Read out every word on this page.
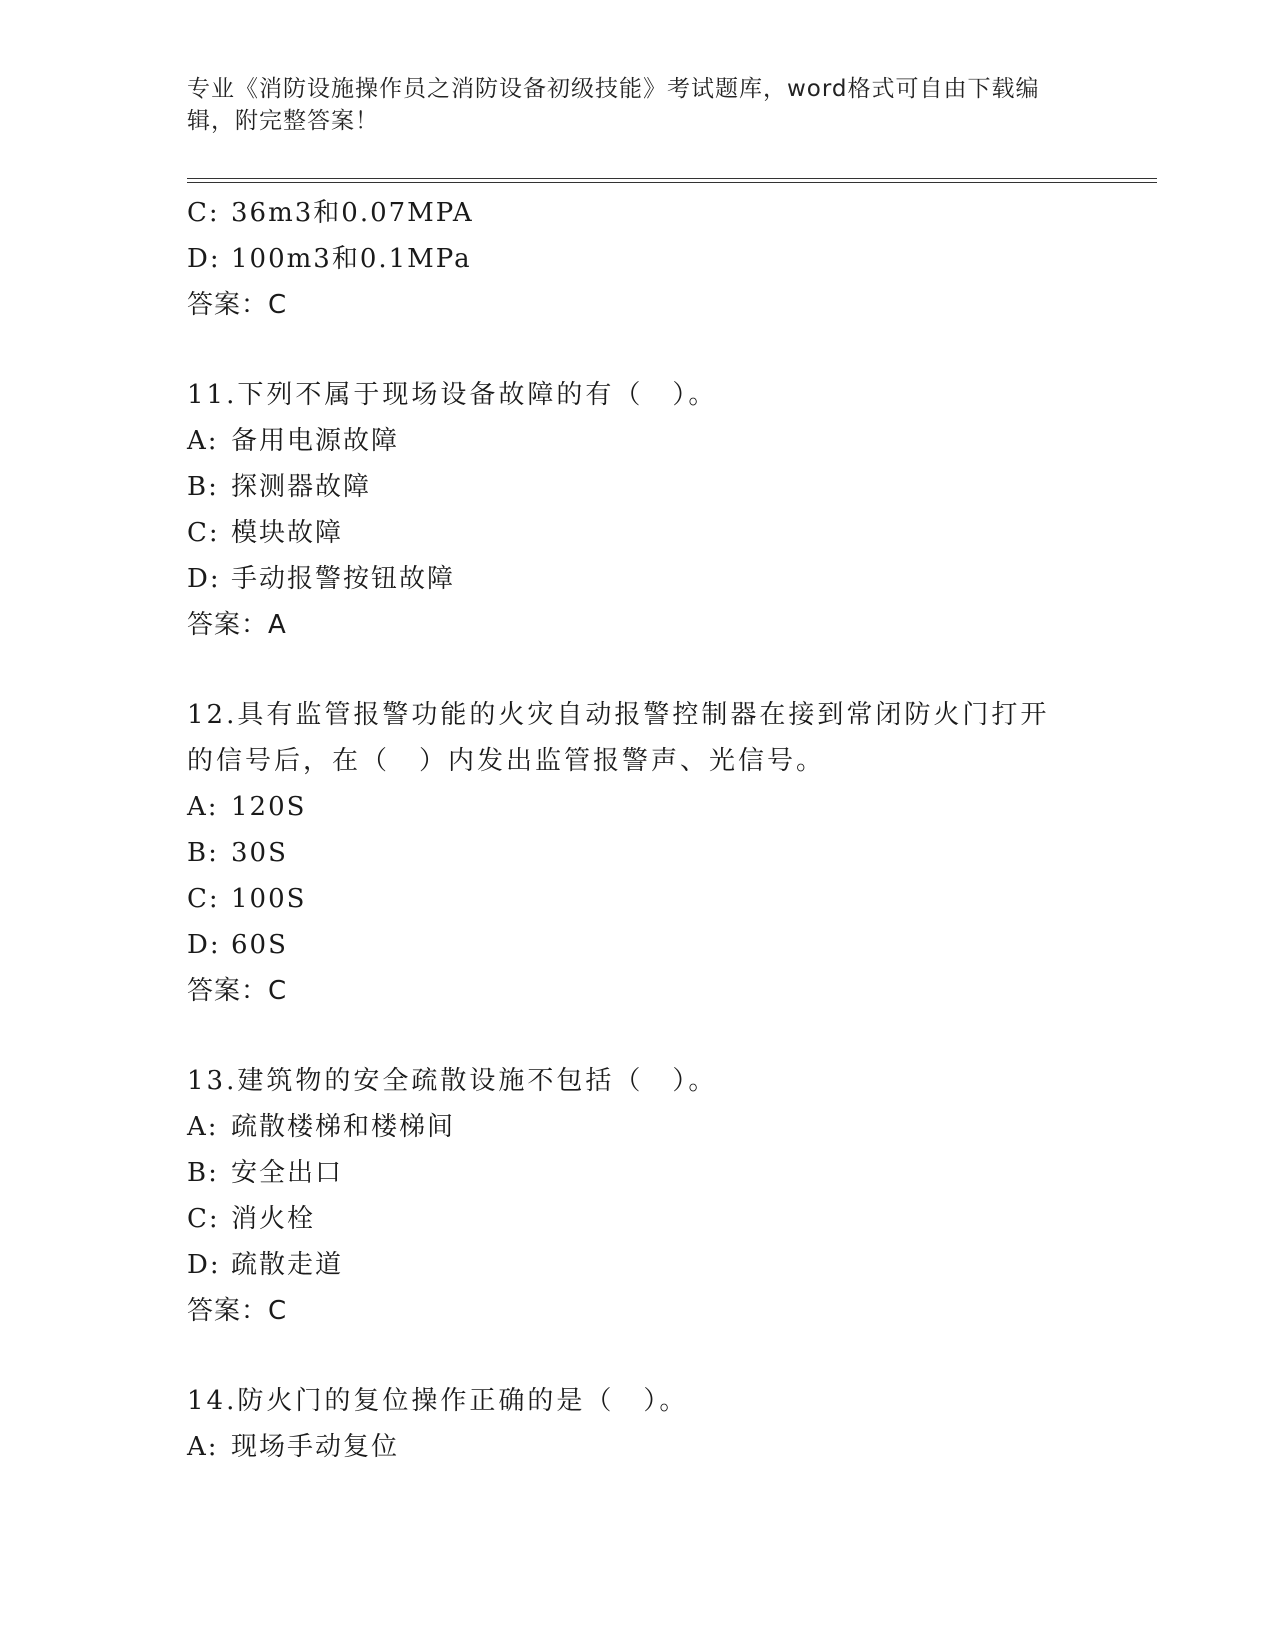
专业《消防设施操作员之消防设备初级技能》考试题库，word格式可自由下载编
辑，附完整答案！
C: 36m3和0.07MPA
D: 100m3和0.1MPa
答案：C
11.下列不属于现场设备故障的有（　）。
A: 备用电源故障
B: 探测器故障
C: 模块故障
D: 手动报警按钮故障
答案：A
12.具有监管报警功能的火灾自动报警控制器在接到常闭防火门打开的信号后，在（　）内发出监管报警声、光信号。
A: 120S
B: 30S
C: 100S
D: 60S
答案：C
13.建筑物的安全疏散设施不包括（　）。
A: 疏散楼梯和楼梯间
B: 安全出口
C: 消火栓
D: 疏散走道
答案：C
14.防火门的复位操作正确的是（　）。
A: 现场手动复位
